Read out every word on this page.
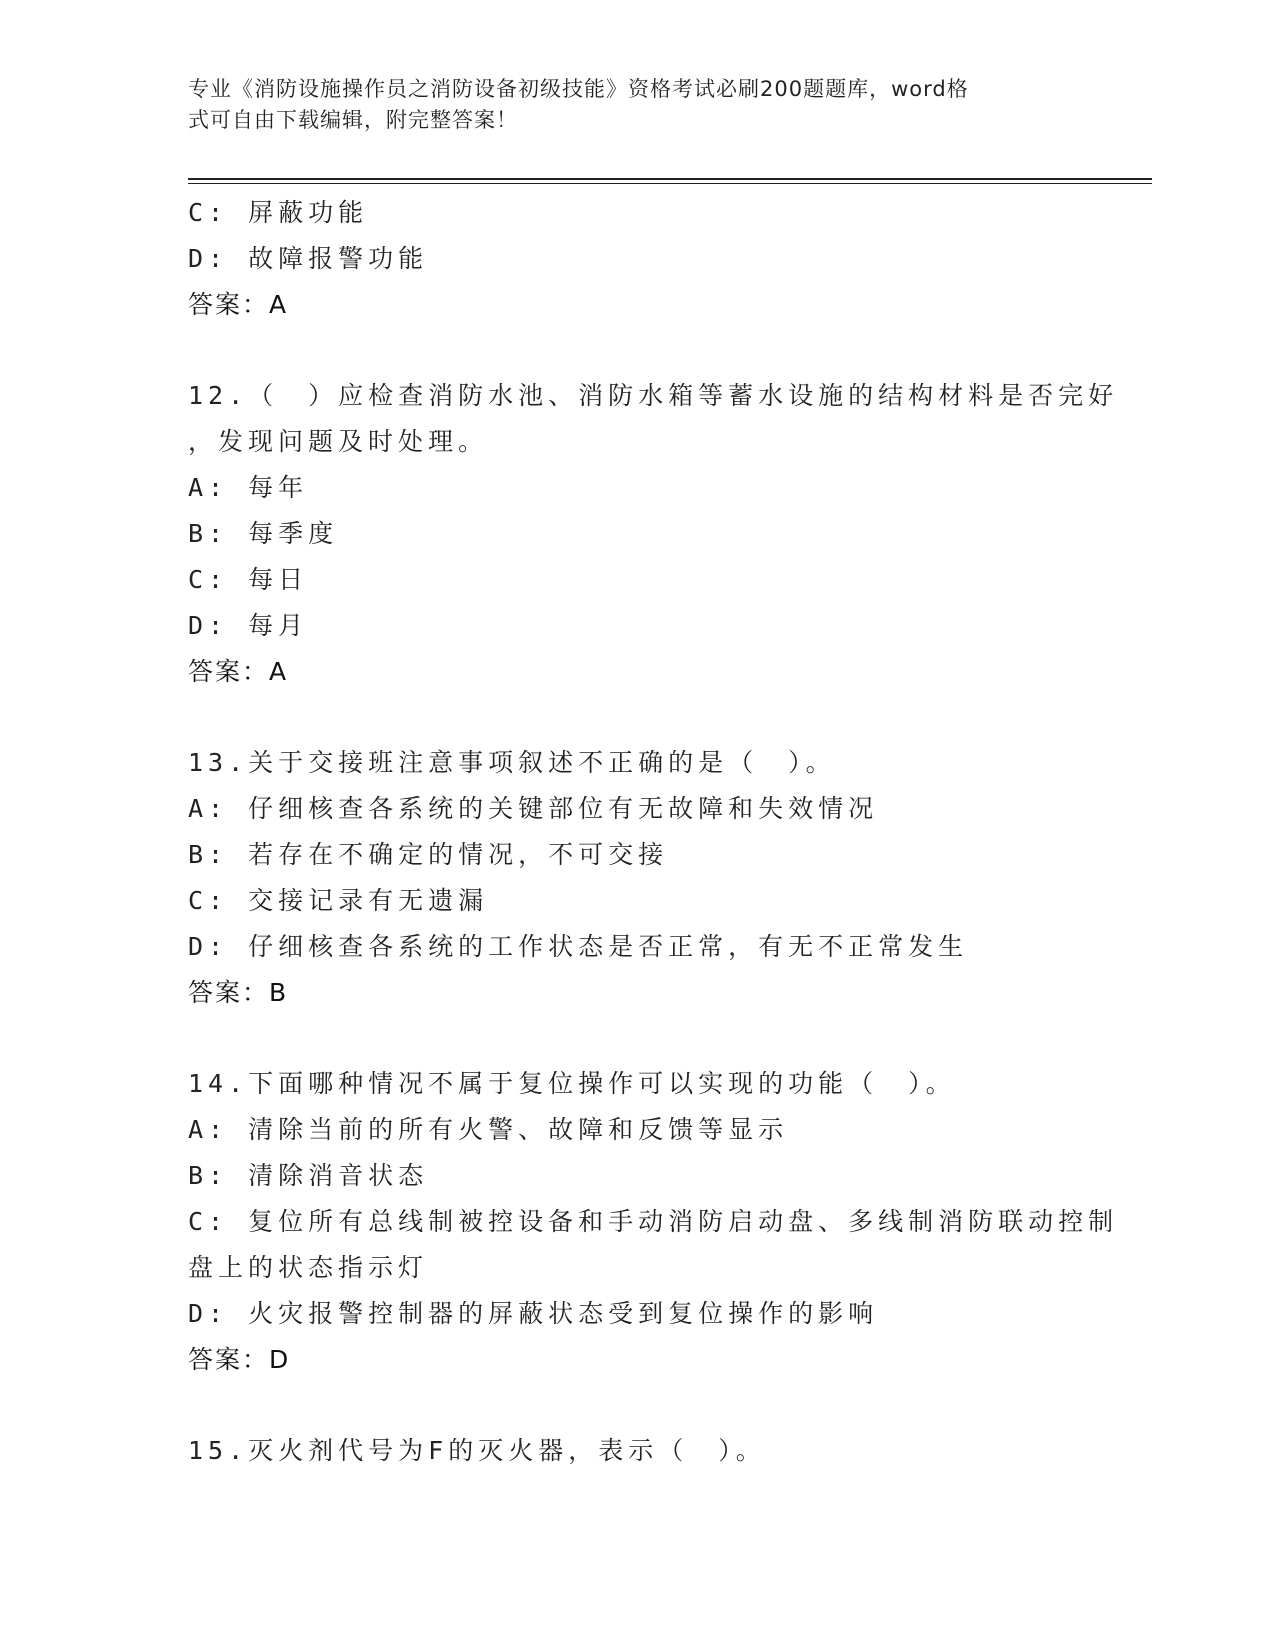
专业《消防设施操作员之消防设备初级技能》资格考试必刷200题题库，word格
式可自由下载编辑，附完整答案！
C: 屏蔽功能
D: 故障报警功能
答案：A
12.（　）应检查消防水池、消防水箱等蓄水设施的结构材料是否完好
，发现问题及时处理。
A: 每年
B: 每季度
C: 每日
D: 每月
答案：A
13.关于交接班注意事项叙述不正确的是（　）。
A: 仔细核查各系统的关键部位有无故障和失效情况
B: 若存在不确定的情况，不可交接
C: 交接记录有无遗漏
D: 仔细核查各系统的工作状态是否正常，有无不正常发生
答案：B
14.下面哪种情况不属于复位操作可以实现的功能（　）。
A: 清除当前的所有火警、故障和反馈等显示
B: 清除消音状态
C: 复位所有总线制被控设备和手动消防启动盘、多线制消防联动控制
盘上的状态指示灯
D: 火灾报警控制器的屏蔽状态受到复位操作的影响
答案：D
15.灭火剂代号为F的灭火器，表示（　）。
